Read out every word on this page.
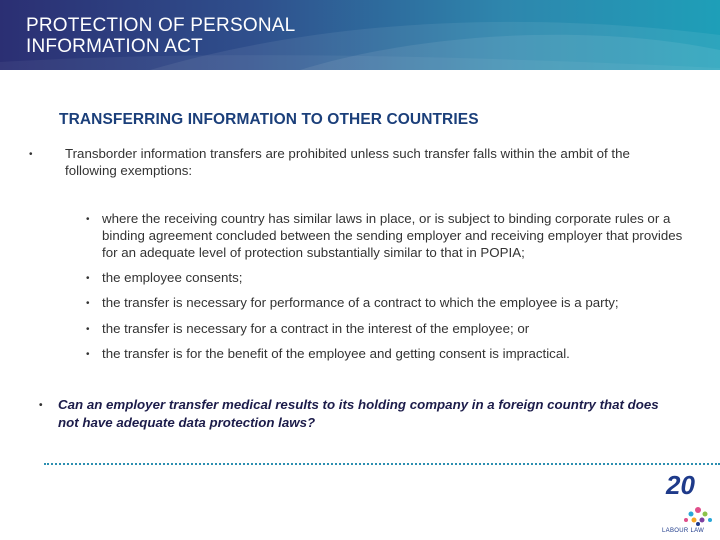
PROTECTION OF PERSONAL
INFORMATION ACT
TRANSFERRING INFORMATION TO OTHER COUNTRIES
•	Transborder information transfers are prohibited unless such transfer falls within the ambit of the following exemptions:
• where the receiving country has similar laws in place, or is subject to binding corporate rules or a binding agreement concluded between the sending employer and receiving employer that provides for an adequate level of protection substantially similar to that in POPIA;
• the employee consents;
• the transfer is necessary for performance of a contract to which the employee is a party;
• the transfer is necessary for a contract in the interest of the employee; or
• the transfer is for the benefit of the employee and getting consent is impractical.
•	Can an employer transfer medical results to its holding company in a foreign country that does not have adequate data protection laws?
20
LABOUR LAW
